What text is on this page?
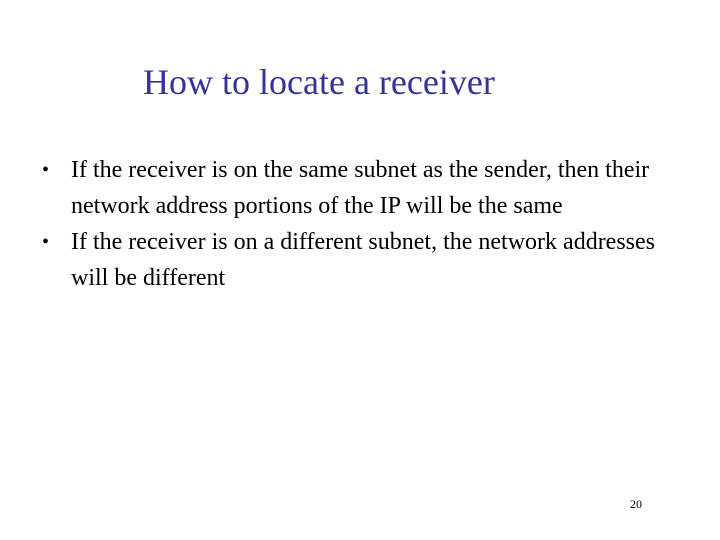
How to locate a receiver
• If the receiver is on the same subnet as the sender, then their network address portions of the IP will be the same
• If the receiver is on a different subnet, the network addresses will be different
20
